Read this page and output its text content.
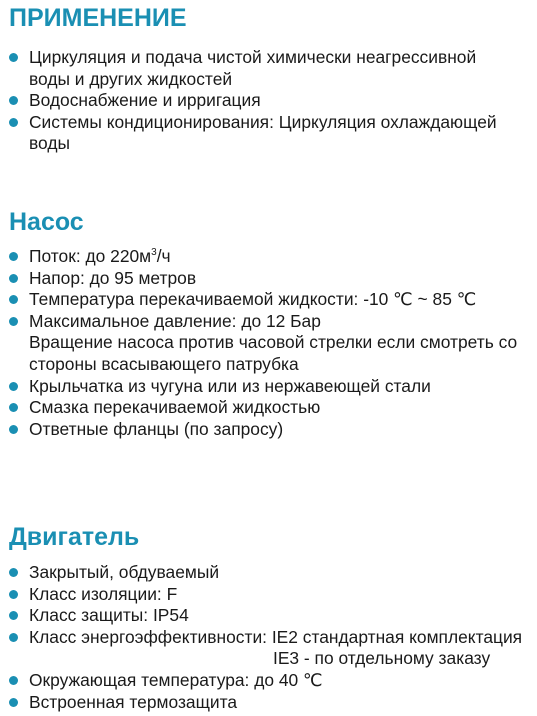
ПРИМЕНЕНИЕ
Циркуляция и подача чистой химически неагрессивной
воды и других жидкостей
Водоснабжение и ирригация
Системы кондиционирования: Циркуляция охлаждающей
воды
Насос
Поток: до $220м^3/ч$
Напор: до 95 метров
Температура перекачиваемой жидкости: -10 ℃ ~ 85 ℃
Максимальное давление: до 12 Бар
Вращение насоса против часовой стрелки если смотреть со
стороны всасывающего патрубка
Крыльчатка из чугуна или из нержавеющей стали
Смазка перекачиваемой жидкостью
Ответные фланцы (по запросу)
Двигатель
Закрытый, обдуваемый
Класс изоляции: F
Класс защиты: IP54
Класс энергоэффективности: IE2 стандартная комплектация
IE3 - по отдельному заказу
Окружающая температура: до 40 ℃
Встроенная термозащита
